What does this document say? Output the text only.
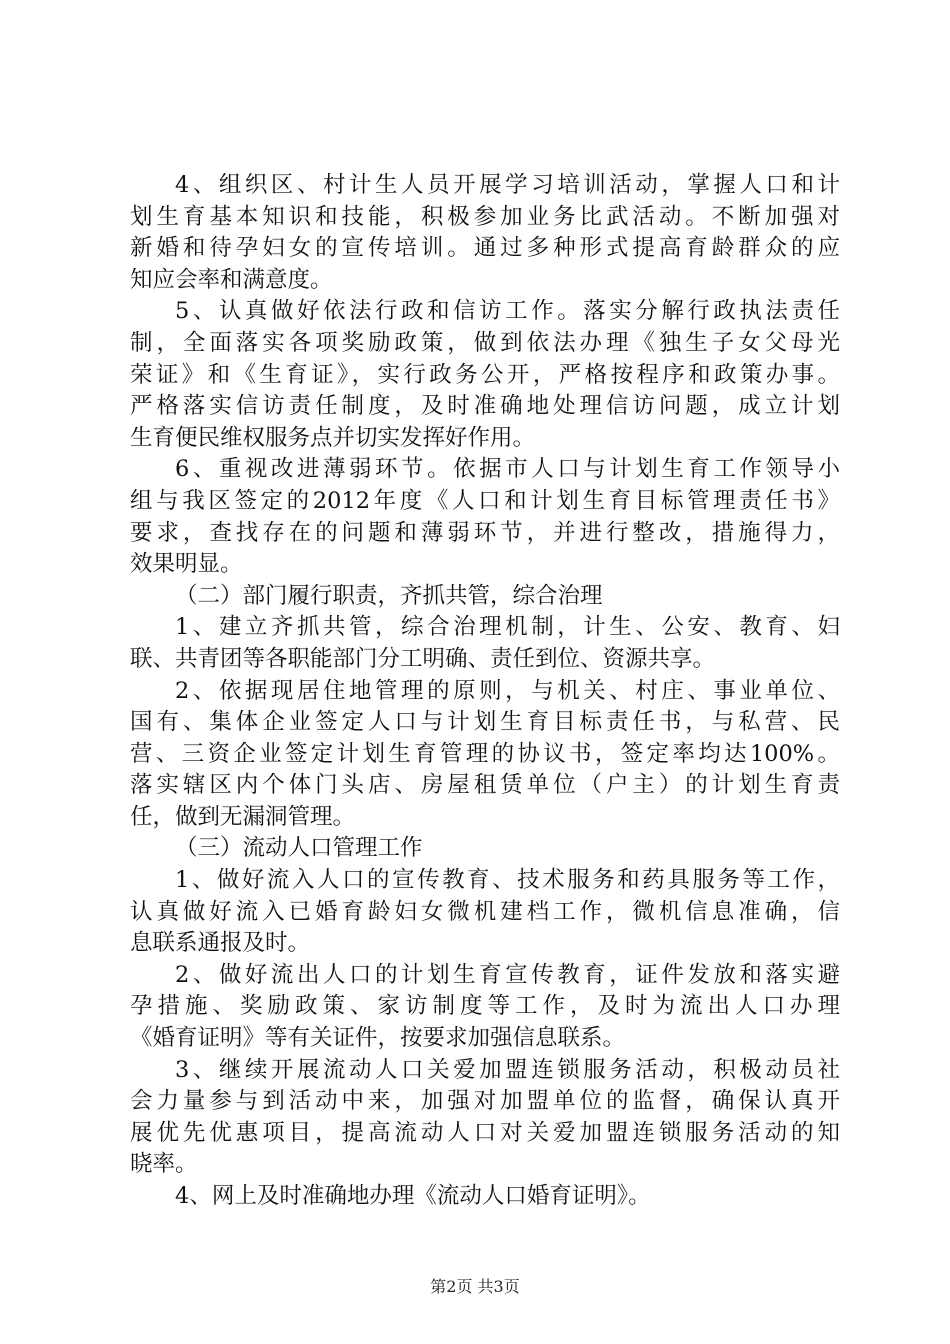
4、组织区、村计生人员开展学习培训活动，掌握人口和计
划生育基本知识和技能，积极参加业务比武活动。不断加强对
新婚和待孕妇女的宣传培训。通过多种形式提高育龄群众的应
知应会率和满意度。
5、认真做好依法行政和信访工作。落实分解行政执法责任
制，全面落实各项奖励政策，做到依法办理《独生子女父母光
荣证》和《生育证》，实行政务公开，严格按程序和政策办事。
严格落实信访责任制度，及时准确地处理信访问题，成立计划
生育便民维权服务点并切实发挥好作用。
6、重视改进薄弱环节。依据市人口与计划生育工作领导小
组与我区签定的2012年度《人口和计划生育目标管理责任书》
要求，查找存在的问题和薄弱环节，并进行整改，措施得力，
效果明显。
（二）部门履行职责，齐抓共管，综合治理
1、建立齐抓共管，综合治理机制，计生、公安、教育、妇
联、共青团等各职能部门分工明确、责任到位、资源共享。
2、依据现居住地管理的原则，与机关、村庄、事业单位、
国有、集体企业签定人口与计划生育目标责任书，与私营、民
营、三资企业签定计划生育管理的协议书，签定率均达100%。
落实辖区内个体门头店、房屋租赁单位（户主）的计划生育责
任，做到无漏洞管理。
（三）流动人口管理工作
1、做好流入人口的宣传教育、技术服务和药具服务等工作，
认真做好流入已婚育龄妇女微机建档工作，微机信息准确，信
息联系通报及时。
2、做好流出人口的计划生育宣传教育，证件发放和落实避
孕措施、奖励政策、家访制度等工作，及时为流出人口办理
《婚育证明》等有关证件，按要求加强信息联系。
3、继续开展流动人口关爱加盟连锁服务活动，积极动员社
会力量参与到活动中来，加强对加盟单位的监督，确保认真开
展优先优惠项目，提高流动人口对关爱加盟连锁服务活动的知
晓率。
4、网上及时准确地办理《流动人口婚育证明》。
第2页 共3页
